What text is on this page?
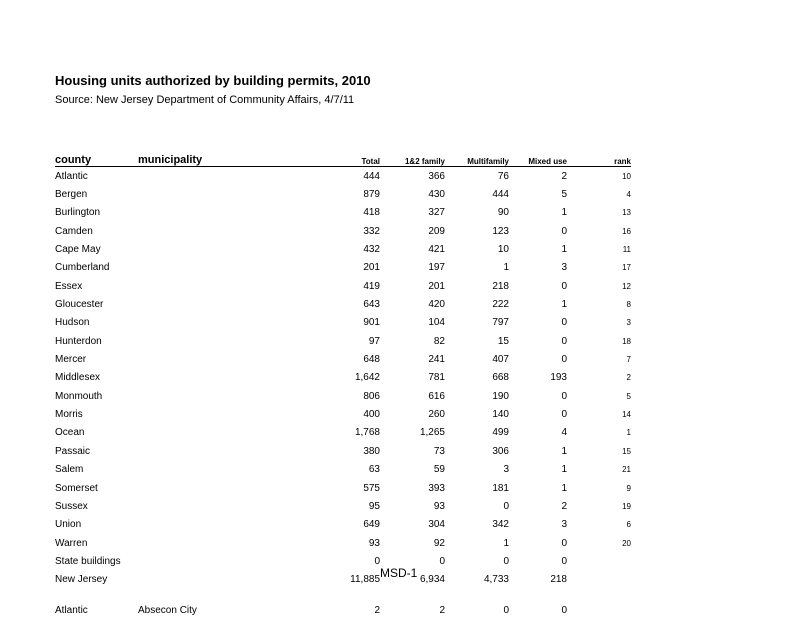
Housing units authorized by building permits, 2010
Source: New Jersey Department of Community Affairs, 4/7/11
county	municipality	Total	1&2 family	Multifamily	Mixed use	rank
Atlantic		444	366	76	2	10
Bergen		879	430	444	5	4
Burlington		418	327	90	1	13
Camden		332	209	123	0	16
Cape May		432	421	10	1	11
Cumberland		201	197	1	3	17
Essex		419	201	218	0	12
Gloucester		643	420	222	1	8
Hudson		901	104	797	0	3
Hunterdon		97	82	15	0	18
Mercer		648	241	407	0	7
Middlesex		1,642	781	668	193	2
Monmouth		806	616	190	0	5
Morris		400	260	140	0	14
Ocean		1,768	1,265	499	4	1
Passaic		380	73	306	1	15
Salem		63	59	3	1	21
Somerset		575	393	181	1	9
Sussex		95	93	0	2	19
Union		649	304	342	3	6
Warren		93	92	1	0	20
State buildings		0	0	0	0	
New Jersey		11,885	6,934	4,733	218	

Atlantic	Absecon City	2	2	0	0	
MSD-1
